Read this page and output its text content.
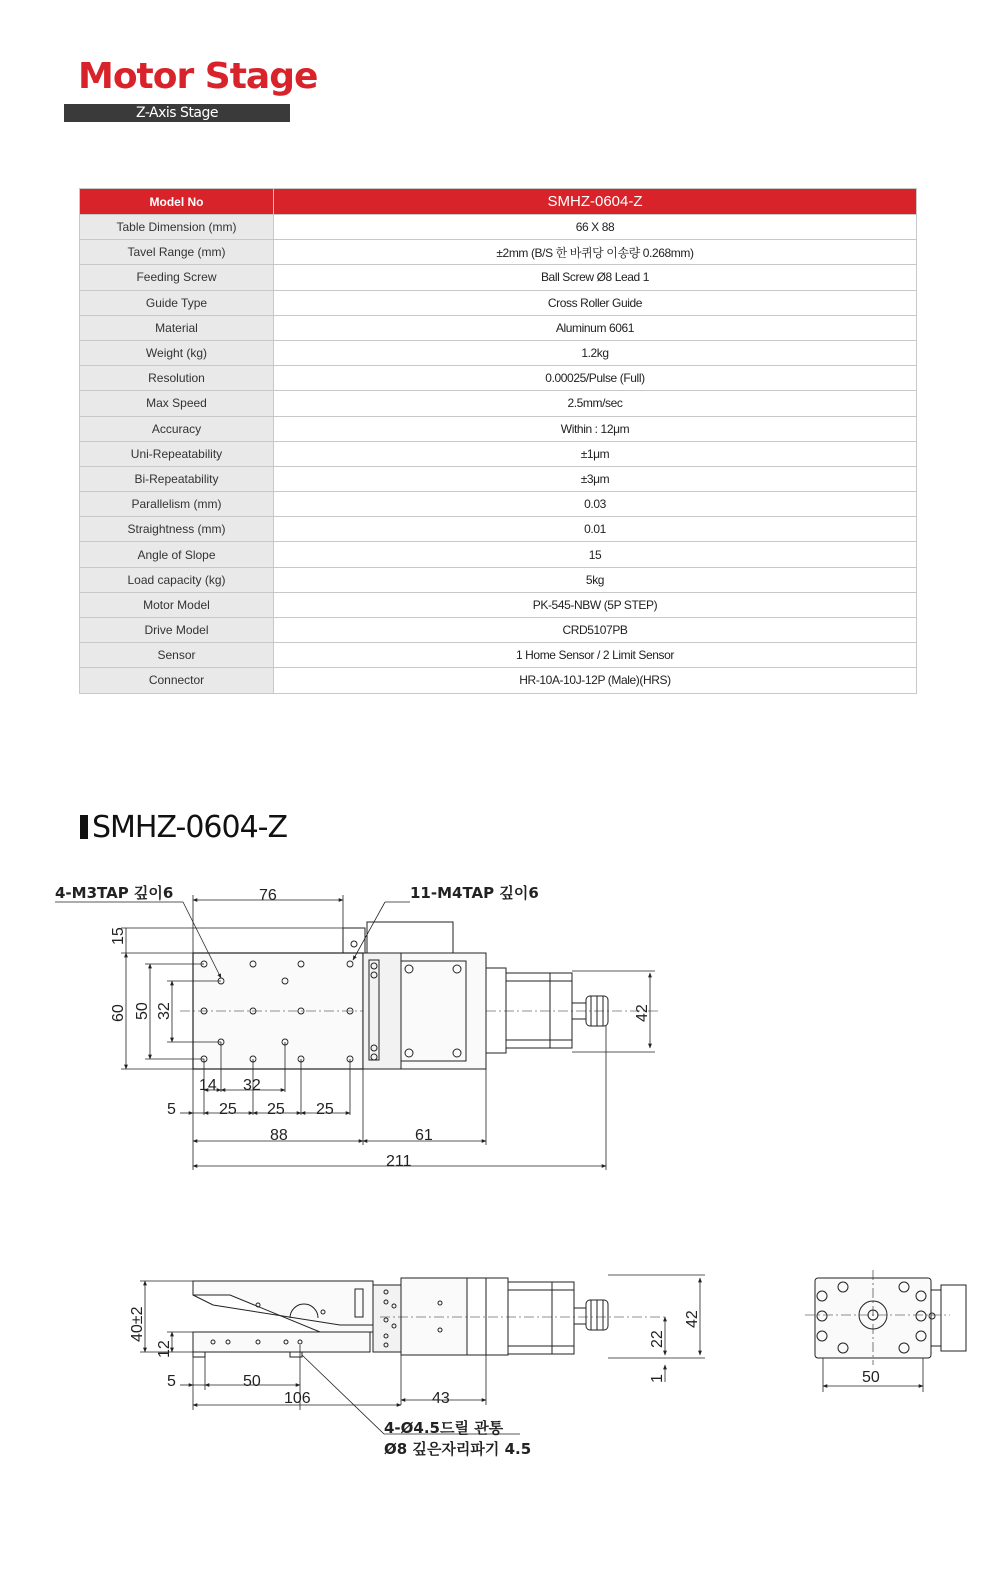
Motor Stage
Z-Axis Stage
Model No	SMHZ-0604-Z
Table Dimension (mm)	66 X 88
Tavel Range (mm)	±2mm (B/S 한 바퀴당 이송량 0.268mm)
Feeding Screw	Ball Screw Ø8 Lead 1
Guide Type	Cross Roller Guide
Material	Aluminum 6061
Weight (kg)	1.2kg
Resolution	0.00025/Pulse (Full)
Max Speed	2.5mm/sec
Accuracy	Within : 12μm
Uni-Repeatability	±1μm
Bi-Repeatability	±3μm
Parallelism (mm)	0.03
Straightness (mm)	0.01
Angle of Slope	15
Load capacity (kg)	5kg
Motor Model	PK-545-NBW (5P STEP)
Drive Model	CRD5107PB
Sensor	1 Home Sensor / 2 Limit Sensor
Connector	HR-10A-10J-12P (Male)(HRS)
SMHZ-0604-Z
4-M3TAP 깊이6	11-M4TAP 깊이6
76
15
60 50 32	42
14 32
5	25 25 25
88	61
211
40±2
12
42
22
1
5	50
106	43
4-Ø4.5드릴 관통
Ø8 깊은자리파기 4.5
50
